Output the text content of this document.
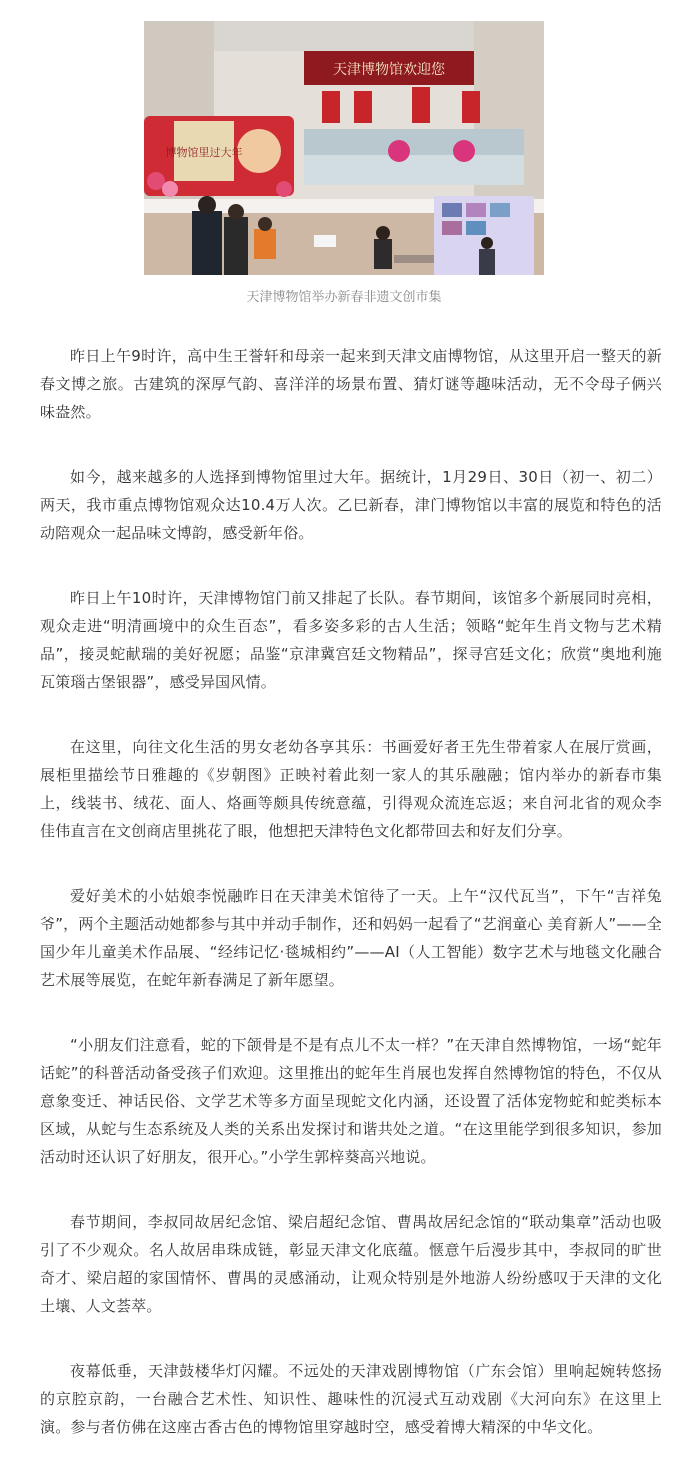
天津博物馆欢迎您
博物馆里过大年

天津博物馆举办新春非遗文创市集

昨日上午9时许，高中生王誉轩和母亲一起来到天津文庙博物馆，从这里开启一整天的新春文博之旅。古建筑的深厚气韵、喜洋洋的场景布置、猜灯谜等趣味活动，无不令母子俩兴味盎然。

如今，越来越多的人选择到博物馆里过大年。据统计，1月29日、30日（初一、初二）两天，我市重点博物馆观众达10.4万人次。乙巳新春，津门博物馆以丰富的展览和特色的活动陪观众一起品味文博韵，感受新年俗。

昨日上午10时许，天津博物馆门前又排起了长队。春节期间，该馆多个新展同时亮相，观众走进“明清画境中的众生百态”，看多姿多彩的古人生活；领略“蛇年生肖文物与艺术精品”，接灵蛇献瑞的美好祝愿；品鉴“京津冀宫廷文物精品”，探寻宫廷文化；欣赏“奥地利施瓦策瑙古堡银器”，感受异国风情。

在这里，向往文化生活的男女老幼各享其乐：书画爱好者王先生带着家人在展厅赏画，展柜里描绘节日雅趣的《岁朝图》正映衬着此刻一家人的其乐融融；馆内举办的新春市集上，线装书、绒花、面人、烙画等颇具传统意蕴，引得观众流连忘返；来自河北省的观众李佳伟直言在文创商店里挑花了眼，他想把天津特色文化都带回去和好友们分享。

爱好美术的小姑娘李悦融昨日在天津美术馆待了一天。上午“汉代瓦当”，下午“吉祥兔爷”，两个主题活动她都参与其中并动手制作，还和妈妈一起看了“艺润童心 美育新人”——全国少年儿童美术作品展、“经纬记忆·毯城相约”——AI（人工智能）数字艺术与地毯文化融合艺术展等展览，在蛇年新春满足了新年愿望。

“小朋友们注意看，蛇的下颌骨是不是有点儿不太一样？”在天津自然博物馆，一场“蛇年话蛇”的科普活动备受孩子们欢迎。这里推出的蛇年生肖展也发挥自然博物馆的特色，不仅从意象变迁、神话民俗、文学艺术等多方面呈现蛇文化内涵，还设置了活体宠物蛇和蛇类标本区域，从蛇与生态系统及人类的关系出发探讨和谐共处之道。“在这里能学到很多知识，参加活动时还认识了好朋友，很开心。”小学生郭梓葵高兴地说。

春节期间，李叔同故居纪念馆、梁启超纪念馆、曹禺故居纪念馆的“联动集章”活动也吸引了不少观众。名人故居串珠成链，彰显天津文化底蕴。惬意午后漫步其中，李叔同的旷世奇才、梁启超的家国情怀、曹禺的灵感涌动，让观众特别是外地游人纷纷感叹于天津的文化土壤、人文荟萃。

夜幕低垂，天津鼓楼华灯闪耀。不远处的天津戏剧博物馆（广东会馆）里响起婉转悠扬的京腔京韵，一台融合艺术性、知识性、趣味性的沉浸式互动戏剧《大河向东》在这里上演。参与者仿佛在这座古香古色的博物馆里穿越时空，感受着博大精深的中华文化。
